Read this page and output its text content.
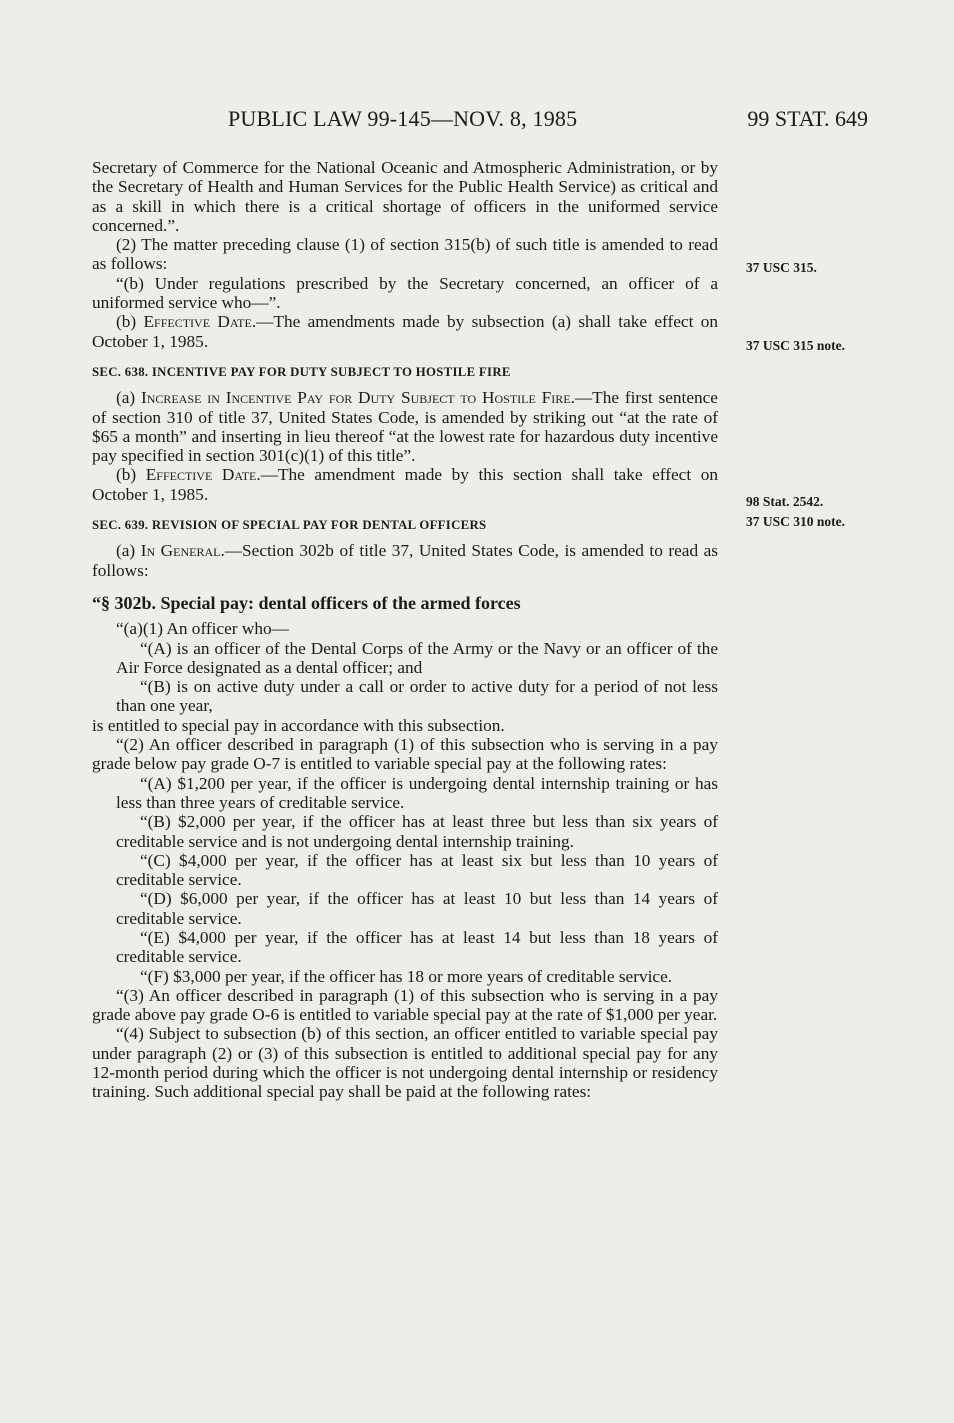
PUBLIC LAW 99-145—NOV. 8, 1985	99 STAT. 649

Secretary of Commerce for the National Oceanic and Atmospheric Administration, or by the Secretary of Health and Human Services for the Public Health Service) as critical and as a skill in which there is a critical shortage of officers in the uniformed service concerned.”.

(2) The matter preceding clause (1) of section 315(b) of such title is amended to read as follows:

“(b) Under regulations prescribed by the Secretary concerned, an officer of a uniformed service who—”.

(b) Effective Date.—The amendments made by subsection (a) shall take effect on October 1, 1985.

SEC. 638. INCENTIVE PAY FOR DUTY SUBJECT TO HOSTILE FIRE

(a) Increase in Incentive Pay for Duty Subject to Hostile Fire.—The first sentence of section 310 of title 37, United States Code, is amended by striking out “at the rate of $65 a month” and inserting in lieu thereof “at the lowest rate for hazardous duty incentive pay specified in section 301(c)(1) of this title”.

(b) Effective Date.—The amendment made by this section shall take effect on October 1, 1985.

SEC. 639. REVISION OF SPECIAL PAY FOR DENTAL OFFICERS

(a) In General.—Section 302b of title 37, United States Code, is amended to read as follows:

“§ 302b. Special pay: dental officers of the armed forces

“(a)(1) An officer who—

“(A) is an officer of the Dental Corps of the Army or the Navy or an officer of the Air Force designated as a dental officer; and

“(B) is on active duty under a call or order to active duty for a period of not less than one year,

is entitled to special pay in accordance with this subsection.

“(2) An officer described in paragraph (1) of this subsection who is serving in a pay grade below pay grade O-7 is entitled to variable special pay at the following rates:

“(A) $1,200 per year, if the officer is undergoing dental internship training or has less than three years of creditable service.

“(B) $2,000 per year, if the officer has at least three but less than six years of creditable service and is not undergoing dental internship training.

“(C) $4,000 per year, if the officer has at least six but less than 10 years of creditable service.

“(D) $6,000 per year, if the officer has at least 10 but less than 14 years of creditable service.

“(E) $4,000 per year, if the officer has at least 14 but less than 18 years of creditable service.

“(F) $3,000 per year, if the officer has 18 or more years of creditable service.

“(3) An officer described in paragraph (1) of this subsection who is serving in a pay grade above pay grade O-6 is entitled to variable special pay at the rate of $1,000 per year.

“(4) Subject to subsection (b) of this section, an officer entitled to variable special pay under paragraph (2) or (3) of this subsection is entitled to additional special pay for any 12-month period during which the officer is not undergoing dental internship or residency training. Such additional special pay shall be paid at the following rates:

37 USC 315.
37 USC 315 note.
98 Stat. 2542.
37 USC 310 note.
